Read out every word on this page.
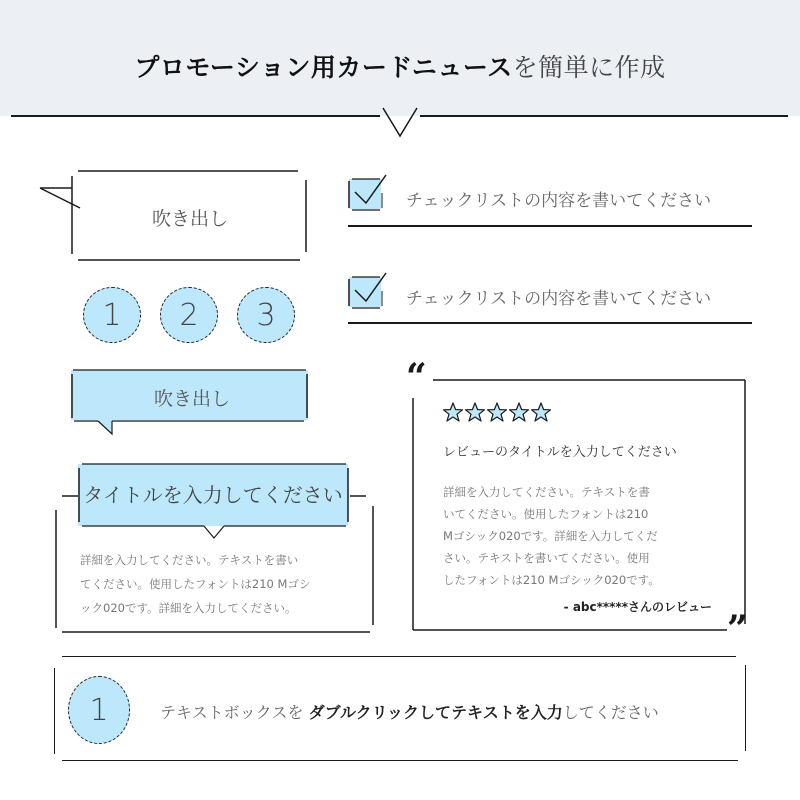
プロモーション用カードニュースを簡単に作成
吹き出し
1 2 3
吹き出し
タイトルを入力してください
詳細を入力してください。テキストを書い
てください。使用したフォントは210 Mゴシ
ック020です。詳細を入力してください。
チェックリストの内容を書いてください
チェックリストの内容を書いてください
“
”
レビューのタイトルを入力してください
詳細を入力してください。テキストを書
いてください。使用したフォントは210
Mゴシック020です。詳細を入力してくだ
さい。テキストを書いてください。使用
したフォントは210 Mゴシック020です。
- abc*****さんのレビュー
1	テキストボックスを ダブルクリックしてテキストを入力してください
